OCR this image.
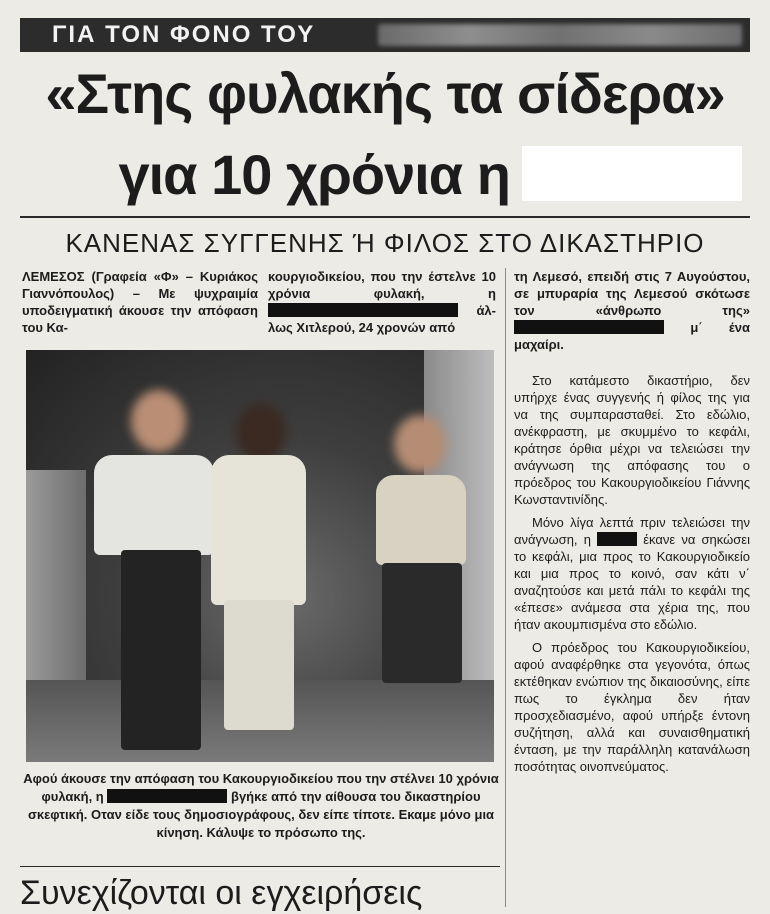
ΓΙΑ ΤΟΝ ΦΟΝΟ ΤΟΥ
«Στης φυλακής τα σίδερα»
για 10 χρόνια η
ΚΑΝΕΝΑΣ ΣΥΓΓΕΝΗΣ Ή ΦΙΛΟΣ ΣΤΟ ΔΙΚΑΣΤΗΡΙΟ

ΛΕΜΕΣΟΣ (Γραφεία «Φ» – Κυριάκος Γιαννόπουλος) – Με ψυχραιμία υποδειγματική άκουσε την απόφαση του Κα-

κουργιοδικείου, που την έστελνε 10 χρόνια φυλακή, η  άλ- λως Χιτλερού, 24 χρονών από

τη Λεμεσό, επειδή στις 7 Αυγούστου, σε μπυραρία της Λεμεσού σκότωσε τον «άνθρωπο της»  μ΄ ένα μαχαίρι.

Στο κατάμεστο δικαστήριο, δεν υπήρχε ένας συγγενής ή φίλος της για να της συμπαρασταθεί. Στο εδώλιο, ανέκφραστη, με σκυμμένο το κεφάλι, κράτησε όρθια μέχρι να τελειώσει την ανάγνωση της απόφασης του ο πρόεδρος του Κακουργιοδικείου Γιάννης Κωνσταντινίδης.

Μόνο λίγα λεπτά πριν τελειώσει την ανάγνωση, η	έκανε να σηκώσει το κεφάλι, μια προς το Κακουργιοδικείο και μια προς το κοινό, σαν κάτι ν΄ αναζητούσε και μετά πάλι το κεφάλι της «έπεσε» ανάμεσα στα χέρια της, που ήταν ακουμπισμένα στο εδώλιο.

Ο πρόεδρος του Κακουργιοδικείου, αφού αναφέρθηκε στα γεγονότα, όπως εκτέθηκαν ενώπιον της δικαιοσύνης, είπε πως το έγκλημα δεν ήταν προσχεδιασμένο, αφού υπήρξε έντονη συζήτηση, αλλά και συναισθηματική ένταση, με την παράλληλη κατανάλωση ποσότητας οινοπνεύματος.

Αφού άκουσε την απόφαση του Κακουργιοδικείου που την στέλνει 10 χρόνια φυλακή, η	βγήκε από την αίθουσα του δικαστηρίου σκεφτική. Οταν είδε τους δημοσιογράφους, δεν είπε τίποτε. Εκαμε μόνο μια κίνηση. Κάλυψε το πρόσωπο της.
Συνεχίζονται οι εγχειρήσεις
